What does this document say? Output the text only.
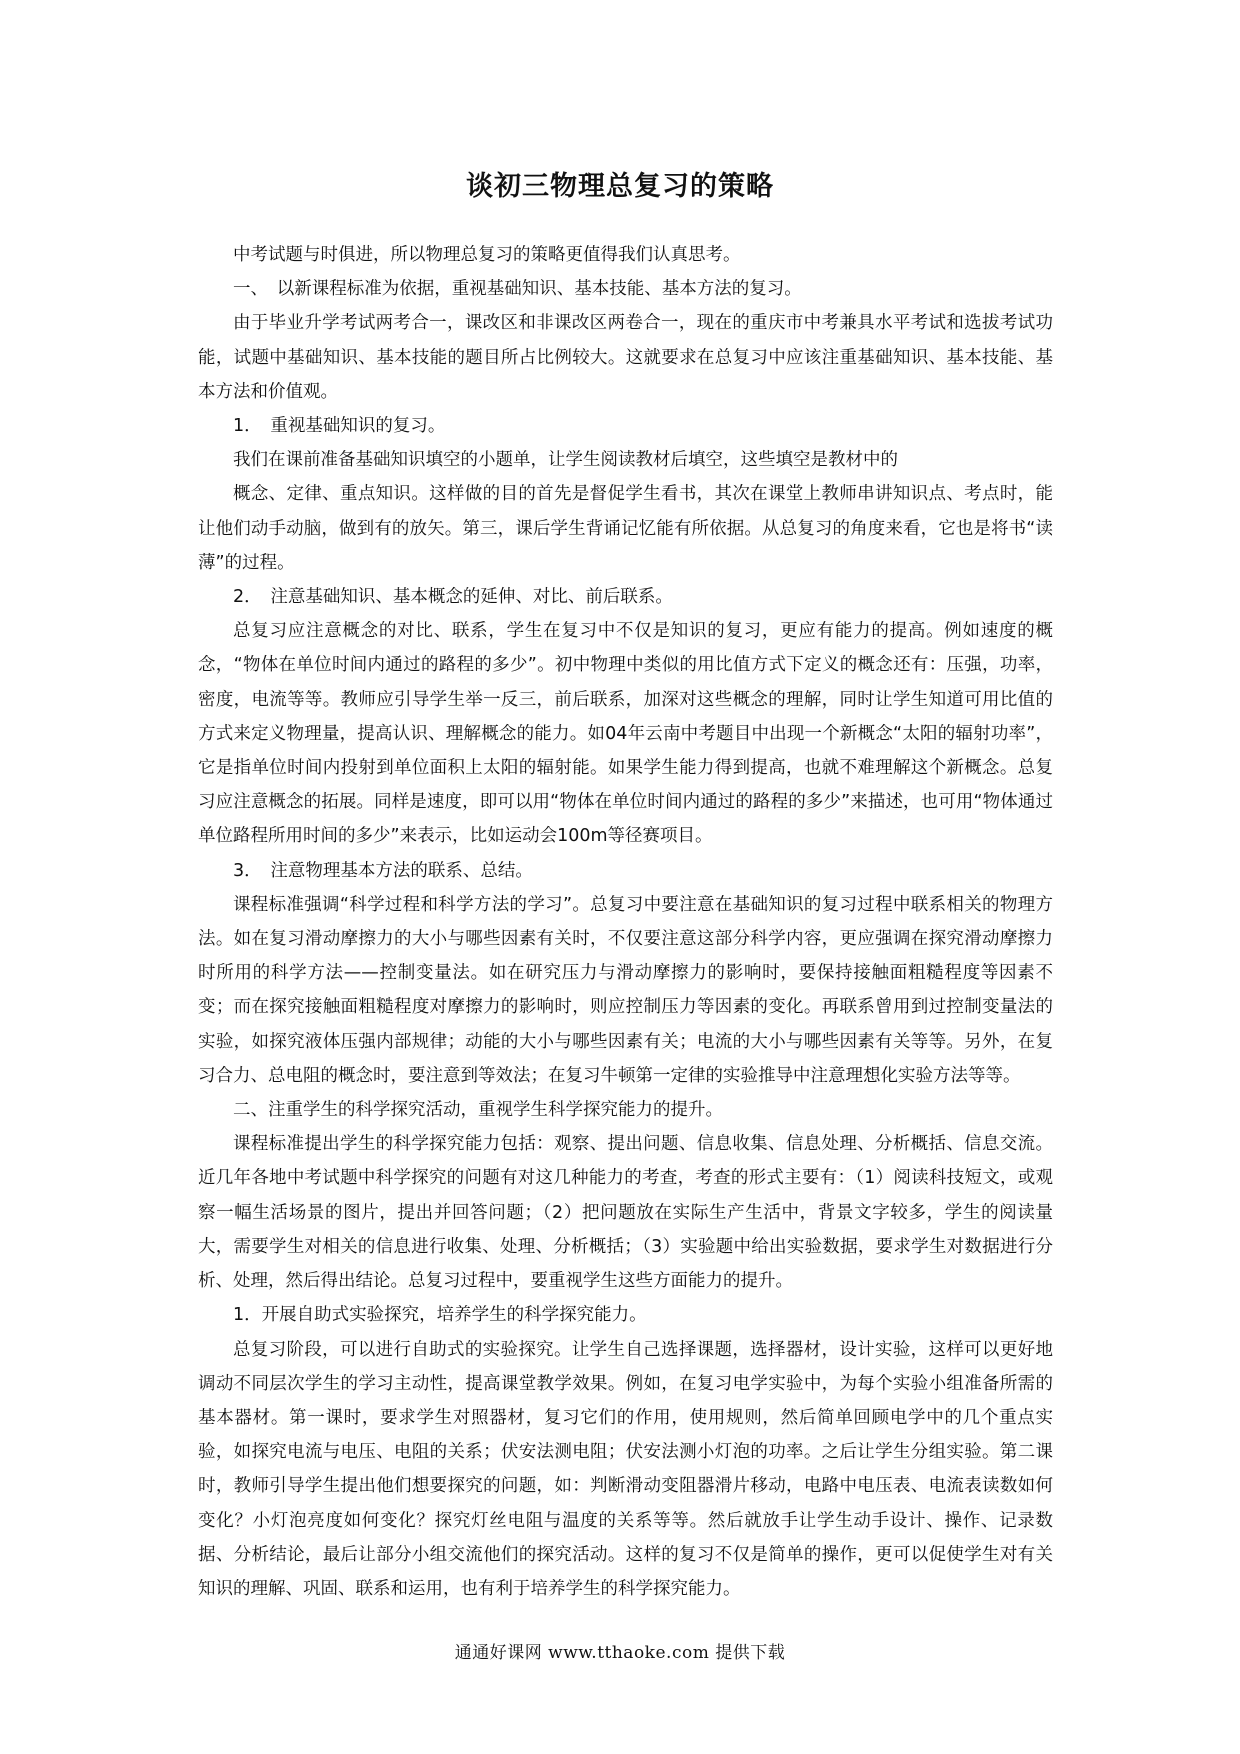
谈初三物理总复习的策略

中考试题与时俱进，所以物理总复习的策略更值得我们认真思考。

一、　以新课程标准为依据，重视基础知识、基本技能、基本方法的复习。

由于毕业升学考试两考合一，课改区和非课改区两卷合一，现在的重庆市中考兼具水平考试和选拔考试功能，试题中基础知识、基本技能的题目所占比例较大。这就要求在总复习中应该注重基础知识、基本技能、基本方法和价值观。

1．　重视基础知识的复习。

我们在课前准备基础知识填空的小题单，让学生阅读教材后填空，这些填空是教材中的

概念、定律、重点知识。这样做的目的首先是督促学生看书，其次在课堂上教师串讲知识点、考点时，能让他们动手动脑，做到有的放矢。第三，课后学生背诵记忆能有所依据。从总复习的角度来看，它也是将书“读薄”的过程。

2．　注意基础知识、基本概念的延伸、对比、前后联系。

总复习应注意概念的对比、联系，学生在复习中不仅是知识的复习，更应有能力的提高。例如速度的概念，“物体在单位时间内通过的路程的多少”。初中物理中类似的用比值方式下定义的概念还有：压强，功率，密度，电流等等。教师应引导学生举一反三，前后联系，加深对这些概念的理解，同时让学生知道可用比值的方式来定义物理量，提高认识、理解概念的能力。如04年云南中考题目中出现一个新概念“太阳的辐射功率”，它是指单位时间内投射到单位面积上太阳的辐射能。如果学生能力得到提高，也就不难理解这个新概念。总复习应注意概念的拓展。同样是速度，即可以用“物体在单位时间内通过的路程的多少”来描述，也可用“物体通过单位路程所用时间的多少”来表示，比如运动会100m等径赛项目。

3．　注意物理基本方法的联系、总结。

课程标准强调“科学过程和科学方法的学习”。总复习中要注意在基础知识的复习过程中联系相关的物理方法。如在复习滑动摩擦力的大小与哪些因素有关时，不仅要注意这部分科学内容，更应强调在探究滑动摩擦力时所用的科学方法——控制变量法。如在研究压力与滑动摩擦力的影响时，要保持接触面粗糙程度等因素不变；而在探究接触面粗糙程度对摩擦力的影响时，则应控制压力等因素的变化。再联系曾用到过控制变量法的实验，如探究液体压强内部规律；动能的大小与哪些因素有关；电流的大小与哪些因素有关等等。另外，在复习合力、总电阻的概念时，要注意到等效法；在复习牛顿第一定律的实验推导中注意理想化实验方法等等。

二、注重学生的科学探究活动，重视学生科学探究能力的提升。

课程标准提出学生的科学探究能力包括：观察、提出问题、信息收集、信息处理、分析概括、信息交流。近几年各地中考试题中科学探究的问题有对这几种能力的考查，考查的形式主要有：（1）阅读科技短文，或观察一幅生活场景的图片，提出并回答问题；（2）把问题放在实际生产生活中，背景文字较多，学生的阅读量大，需要学生对相关的信息进行收集、处理、分析概括；（3）实验题中给出实验数据，要求学生对数据进行分析、处理，然后得出结论。总复习过程中，要重视学生这些方面能力的提升。

1．开展自助式实验探究，培养学生的科学探究能力。

总复习阶段，可以进行自助式的实验探究。让学生自己选择课题，选择器材，设计实验，这样可以更好地调动不同层次学生的学习主动性，提高课堂教学效果。例如，在复习电学实验中，为每个实验小组准备所需的基本器材。第一课时，要求学生对照器材，复习它们的作用，使用规则，然后简单回顾电学中的几个重点实验，如探究电流与电压、电阻的关系；伏安法测电阻；伏安法测小灯泡的功率。之后让学生分组实验。第二课时，教师引导学生提出他们想要探究的问题，如：判断滑动变阻器滑片移动，电路中电压表、电流表读数如何变化？小灯泡亮度如何变化？探究灯丝电阻与温度的关系等等。然后就放手让学生动手设计、操作、记录数据、分析结论，最后让部分小组交流他们的探究活动。这样的复习不仅是简单的操作，更可以促使学生对有关知识的理解、巩固、联系和运用，也有利于培养学生的科学探究能力。

通通好课网 www.tthaoke.com 提供下载
